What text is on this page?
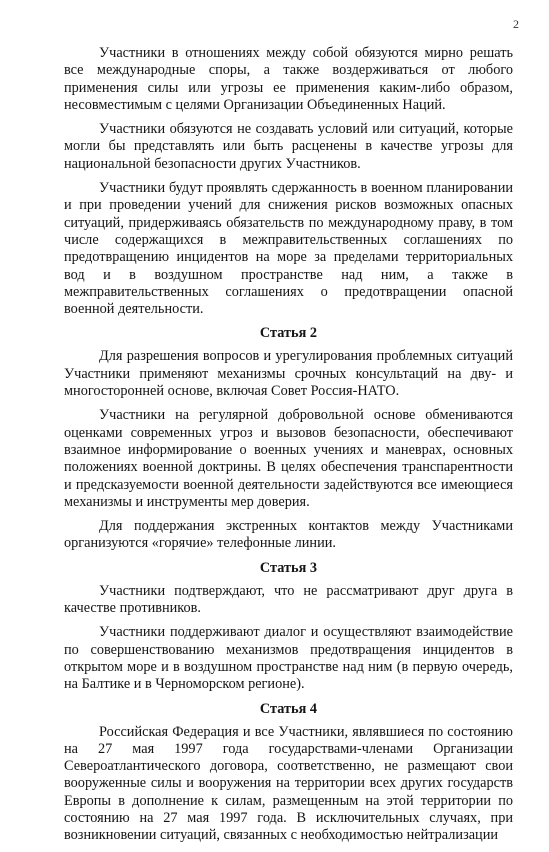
2

Участники в отношениях между собой обязуются мирно решать все международные споры, а также воздерживаться от любого применения силы или угрозы ее применения каким-либо образом, несовместимым с целями Организации Объединенных Наций.

Участники обязуются не создавать условий или ситуаций, которые могли бы представлять или быть расценены в качестве угрозы для национальной безопасности других Участников.

Участники будут проявлять сдержанность в военном планировании и при проведении учений для снижения рисков возможных опасных ситуаций, придерживаясь обязательств по международному праву, в том числе содержащихся в межправительственных соглашениях по предотвращению инцидентов на море за пределами территориальных вод и в воздушном пространстве над ним, а также в межправительственных соглашениях о предотвращении опасной военной деятельности.

Статья 2

Для разрешения вопросов и урегулирования проблемных ситуаций Участники применяют механизмы срочных консультаций на дву- и многосторонней основе, включая Совет Россия-НАТО.

Участники на регулярной добровольной основе обмениваются оценками современных угроз и вызовов безопасности, обеспечивают взаимное информирование о военных учениях и маневрах, основных положениях военной доктрины. В целях обеспечения транспарентности и предсказуемости военной деятельности задействуются все имеющиеся механизмы и инструменты мер доверия.

Для поддержания экстренных контактов между Участниками организуются «горячие» телефонные линии.

Статья 3

Участники подтверждают, что не рассматривают друг друга в качестве противников.

Участники поддерживают диалог и осуществляют взаимодействие по совершенствованию механизмов предотвращения инцидентов в открытом море и в воздушном пространстве над ним (в первую очередь, на Балтике и в Черноморском регионе).

Статья 4

Российская Федерация и все Участники, являвшиеся по состоянию на 27 мая 1997 года государствами-членами Организации Североатлантического договора, соответственно, не размещают свои вооруженные силы и вооружения на территории всех других государств Европы в дополнение к силам, размещенным на этой территории по состоянию на 27 мая 1997 года. В исключительных случаях, при возникновении ситуаций, связанных с необходимостью нейтрализации
